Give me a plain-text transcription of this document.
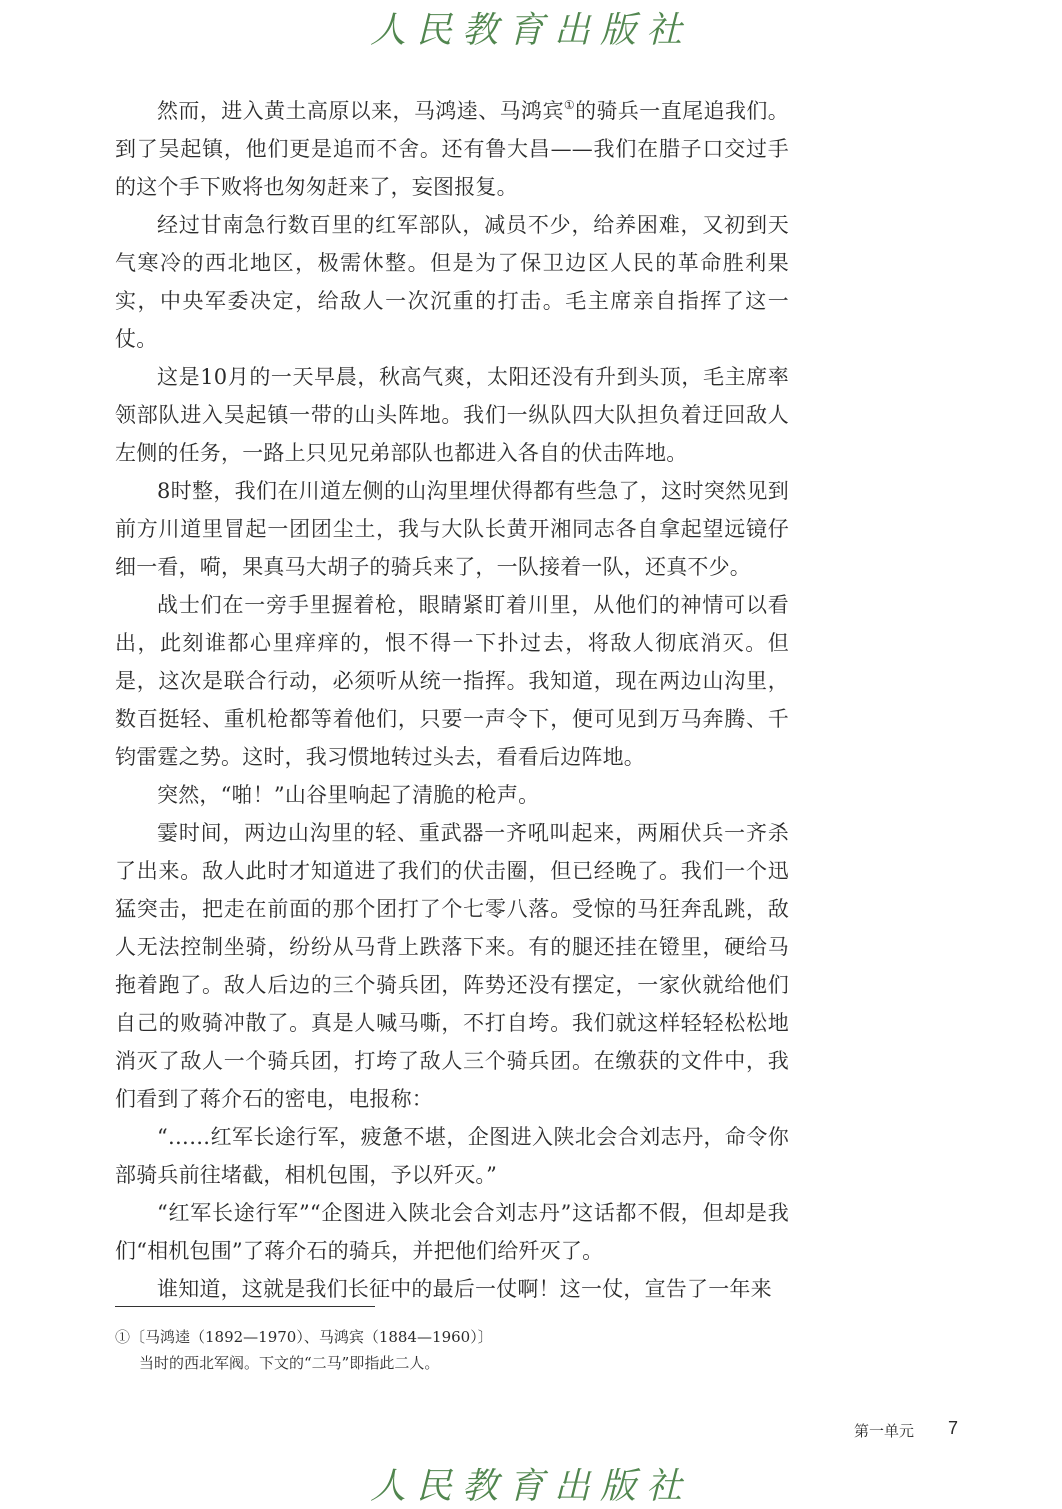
人民教育出版社

然而，进入黄土高原以来，马鸿逵、马鸿宾①的骑兵一直尾追我们。到了吴起镇，他们更是追而不舍。还有鲁大昌——我们在腊子口交过手的这个手下败将也匆匆赶来了，妄图报复。

经过甘南急行数百里的红军部队，减员不少，给养困难，又初到天气寒冷的西北地区，极需休整。但是为了保卫边区人民的革命胜利果实，中央军委决定，给敌人一次沉重的打击。毛主席亲自指挥了这一仗。

这是10月的一天早晨，秋高气爽，太阳还没有升到头顶，毛主席率领部队进入吴起镇一带的山头阵地。我们一纵队四大队担负着迂回敌人左侧的任务，一路上只见兄弟部队也都进入各自的伏击阵地。

8时整，我们在川道左侧的山沟里埋伏得都有些急了，这时突然见到前方川道里冒起一团团尘土，我与大队长黄开湘同志各自拿起望远镜仔细一看，嗬，果真马大胡子的骑兵来了，一队接着一队，还真不少。

战士们在一旁手里握着枪，眼睛紧盯着川里，从他们的神情可以看出，此刻谁都心里痒痒的，恨不得一下扑过去，将敌人彻底消灭。但是，这次是联合行动，必须听从统一指挥。我知道，现在两边山沟里，数百挺轻、重机枪都等着他们，只要一声令下，便可见到万马奔腾、千钧雷霆之势。这时，我习惯地转过头去，看看后边阵地。

突然，“啪！”山谷里响起了清脆的枪声。

霎时间，两边山沟里的轻、重武器一齐吼叫起来，两厢伏兵一齐杀了出来。敌人此时才知道进了我们的伏击圈，但已经晚了。我们一个迅猛突击，把走在前面的那个团打了个七零八落。受惊的马狂奔乱跳，敌人无法控制坐骑，纷纷从马背上跌落下来。有的腿还挂在镫里，硬给马拖着跑了。敌人后边的三个骑兵团，阵势还没有摆定，一家伙就给他们自己的败骑冲散了。真是人喊马嘶，不打自垮。我们就这样轻轻松松地消灭了敌人一个骑兵团，打垮了敌人三个骑兵团。在缴获的文件中，我们看到了蒋介石的密电，电报称：

“……红军长途行军，疲惫不堪，企图进入陕北会合刘志丹，命令你部骑兵前往堵截，相机包围，予以歼灭。”

“红军长途行军”“企图进入陕北会合刘志丹”这话都不假，但却是我们“相机包围”了蒋介石的骑兵，并把他们给歼灭了。

谁知道，这就是我们长征中的最后一仗啊！这一仗，宣告了一年来

①〔马鸿逵（1892—1970）、马鸿宾（1884—1960）〕
当时的西北军阀。下文的“二马”即指此二人。
第一单元 7
人民教育出版社
